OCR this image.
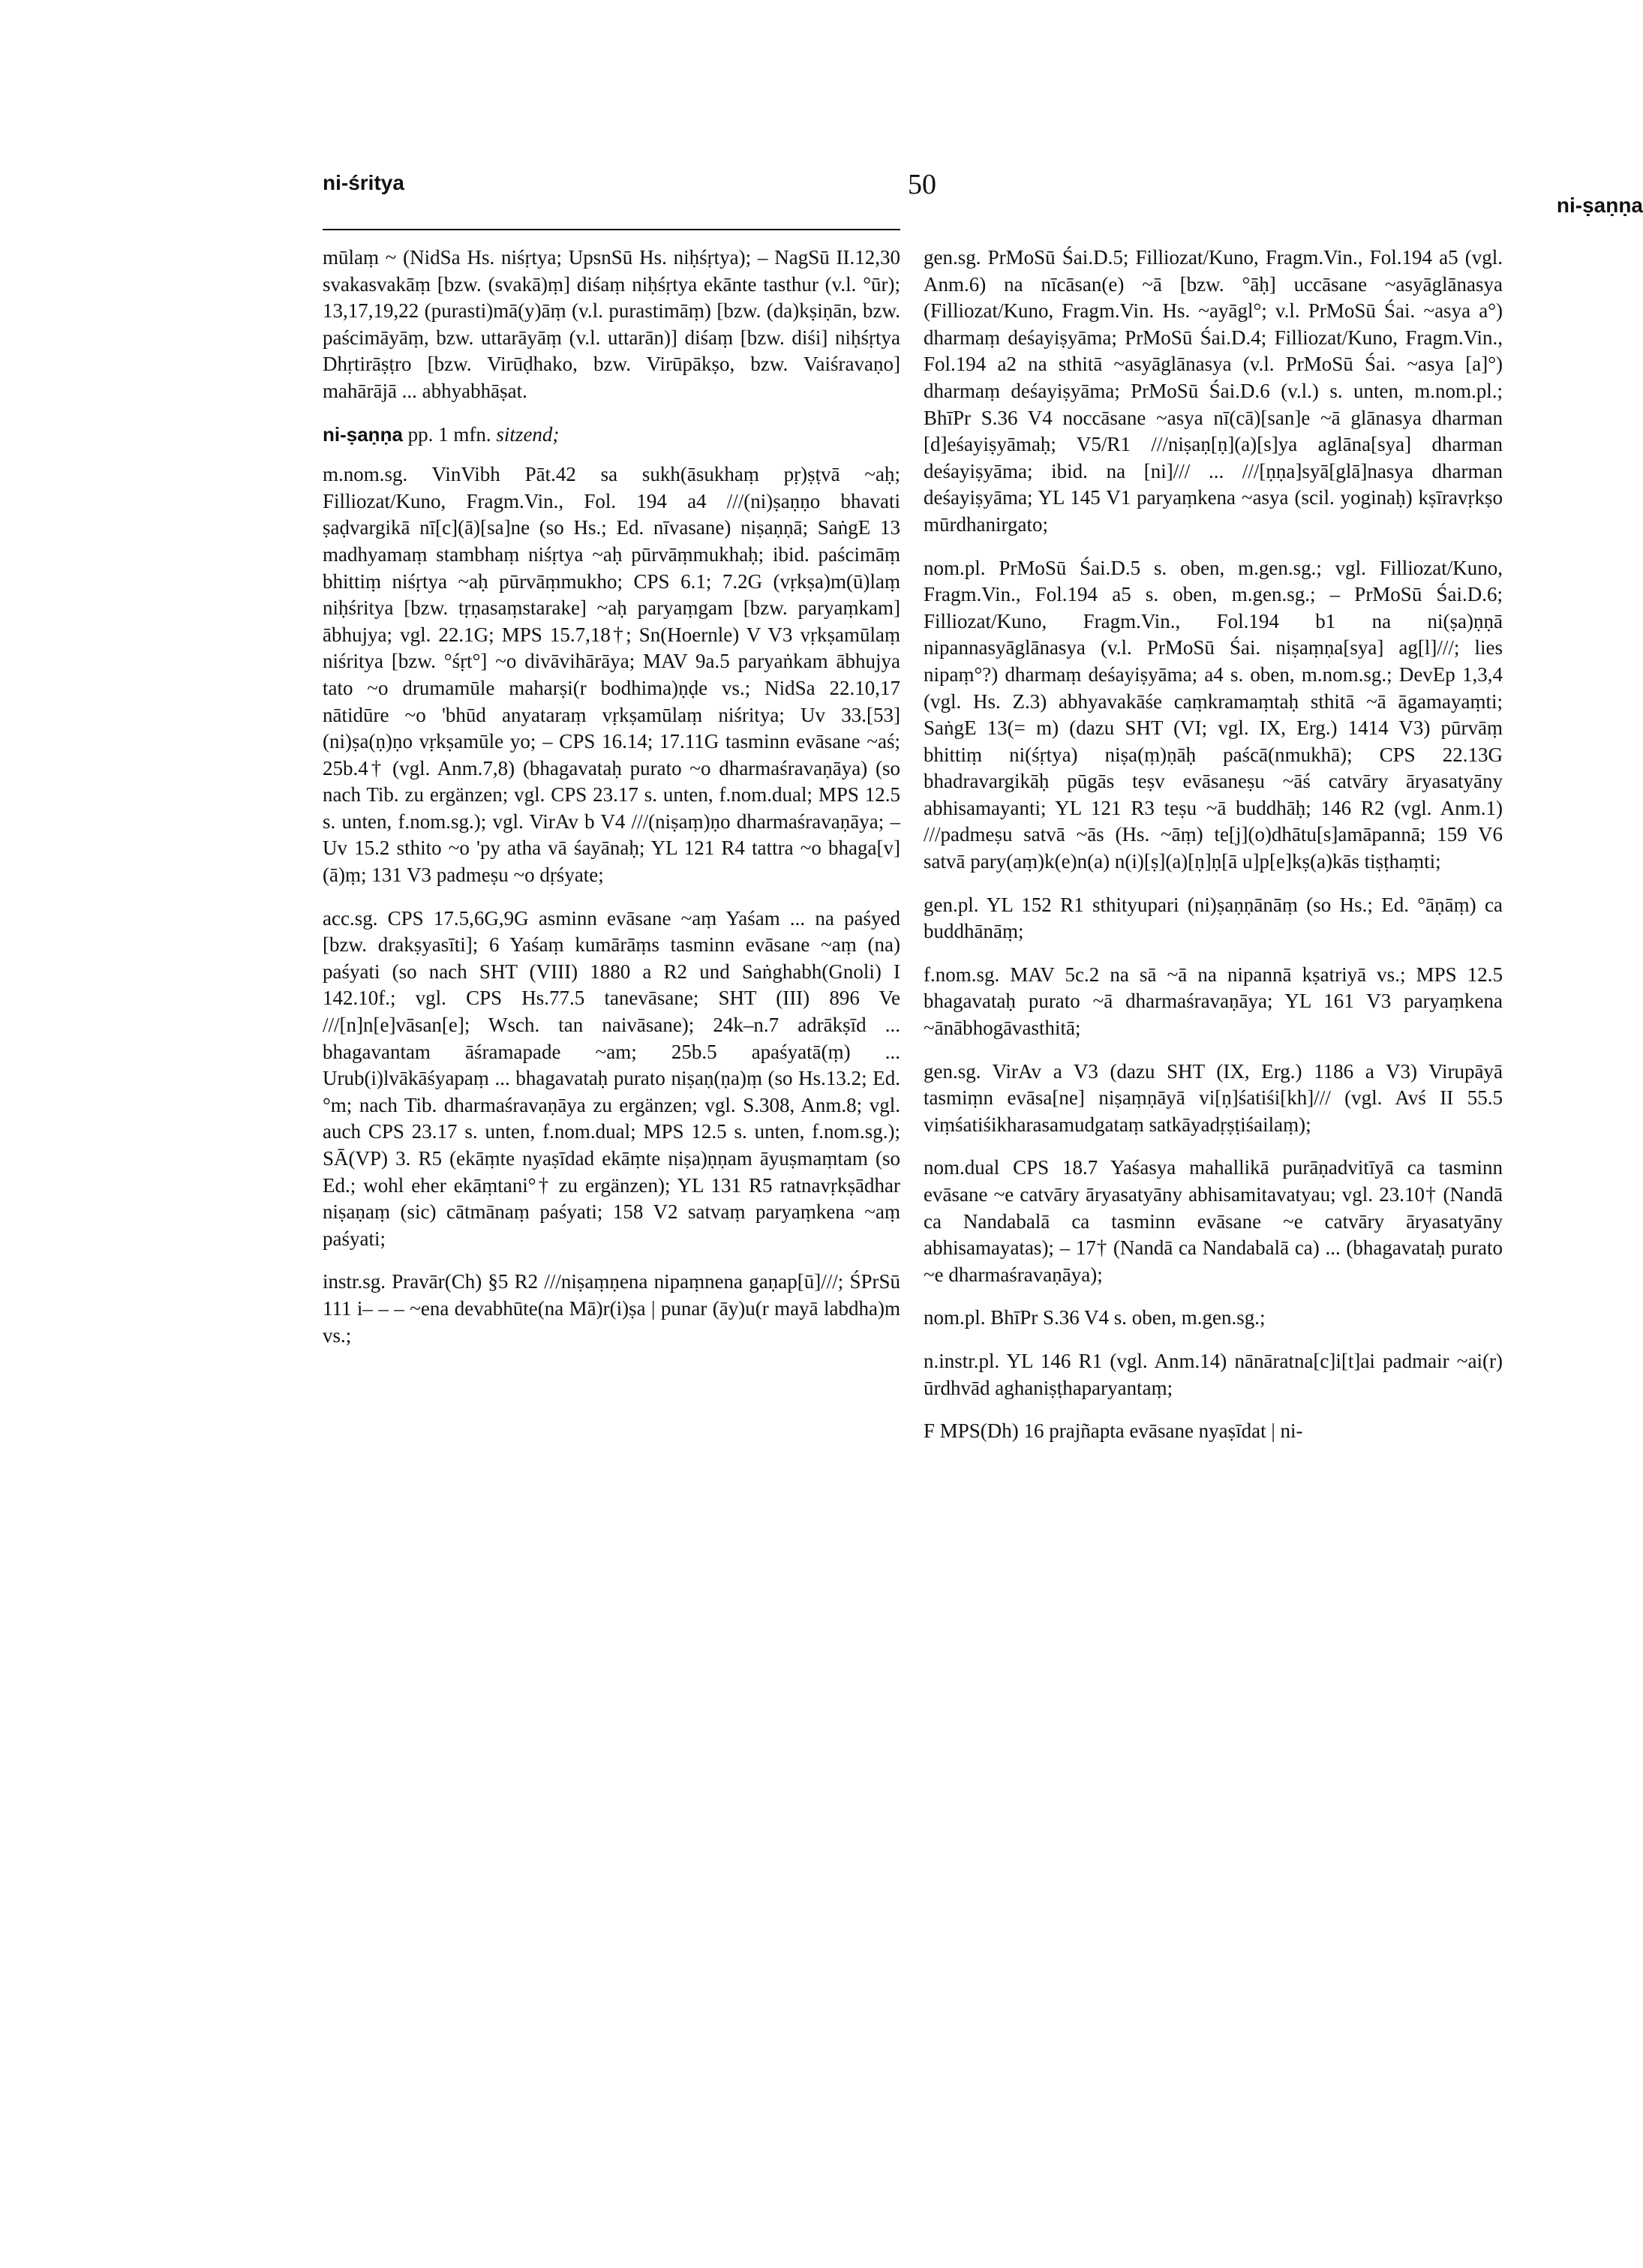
ni-śritya	50
ni-ṣaṇṇa

mūlaṃ ~ (NidSa Hs. niśṛtya; UpsnSū Hs. niḥśṛtya); – NagSū II.12,30 svakasvakāṃ [bzw. (svakā)ṃ] diśaṃ niḥśṛtya ekānte tasthur (v.l. °ūr); 13,17,19,22 (purasti)mā(y)āṃ (v.l. purastimāṃ) [bzw. (da)kṣiṇān, bzw. paścimāyāṃ, bzw. uttarāyāṃ (v.l. uttarān)] diśaṃ [bzw. diśi] niḥśṛtya Dhṛtirāṣṭro [bzw. Virūḍhako, bzw. Virūpākṣo, bzw. Vaiśravaṇo] mahārājā ... abhyabhāṣat.

ni-ṣaṇṇa pp. 1 mfn. sitzend;

m.nom.sg. VinVibh Pāt.42 sa sukh(āsukhaṃ pṛ)ṣṭvā ~aḥ; Filliozat/Kuno, Fragm.Vin., Fol. 194 a4 ///(ni)ṣaṇṇo bhavati ṣaḍvargikā nī[c](ā)[sa]ne (so Hs.; Ed. nīvasane) niṣaṇṇā; SaṅgE 13 madhyamaṃ stambhaṃ niśṛtya ~aḥ pūrvāṃmukhaḥ; ibid. paścimāṃ bhittiṃ niśṛtya ~aḥ pūrvāṃmukho; CPS 6.1; 7.2G (vṛkṣa)m(ū)laṃ niḥśritya [bzw. tṛṇasaṃstarake] ~aḥ paryaṃgam [bzw. paryaṃkam] ābhujya; vgl. 22.1G; MPS 15.7,18†; Sn(Hoernle) V V3 vṛkṣamūlaṃ niśritya [bzw. °śṛt°] ~o divāvihārāya; MAV 9a.5 paryaṅkam ābhujya tato ~o drumamūle maharṣi(r bodhima)ṇḍe vs.; NidSa 22.10,17 nātidūre ~o 'bhūd anyataraṃ vṛkṣamūlaṃ niśritya; Uv 33.[53] (ni)ṣa(ṇ)ṇo vṛkṣamūle yo; – CPS 16.14; 17.11G tasminn evāsane ~aś; 25b.4† (vgl. Anm.7,8) (bhagavataḥ purato ~o dharmaśravaṇāya) (so nach Tib. zu ergänzen; vgl. CPS 23.17 s. unten, f.nom.dual; MPS 12.5 s. unten, f.nom.sg.); vgl. VirAv b V4 ///(niṣaṃ)ṇo dharmaśravaṇāya; – Uv 15.2 sthito ~o 'py atha vā śayānaḥ; YL 121 R4 tattra ~o bhaga[v](ā)ṃ; 131 V3 padmeṣu ~o dṛśyate;

acc.sg. CPS 17.5,6G,9G asminn evāsane ~aṃ Yaśam ... na paśyed [bzw. drakṣyasīti]; 6 Yaśaṃ kumārāṃs tasminn evāsane ~aṃ (na) paśyati (so nach SHT (VIII) 1880 a R2 und Saṅghabh(Gnoli) I 142.10f.; vgl. CPS Hs.77.5 tanevāsane; SHT (III) 896 Ve ///[n]n[e]vāsan[e]; Wsch. tan naivāsane); 24k–n.7 adrākṣīd ... bhagavantam āśramapade ~am; 25b.5 apaśyatā(ṃ) ... Urub(i)lvākāśyapaṃ ... bhagavataḥ purato niṣaṇ(ṇa)ṃ (so Hs.13.2; Ed. °m; nach Tib. dharmaśravaṇāya zu ergänzen; vgl. S.308, Anm.8; vgl. auch CPS 23.17 s. unten, f.nom.dual; MPS 12.5 s. unten, f.nom.sg.); SĀ(VP) 3. R5 (ekāṃte nyaṣīdad ekāṃte niṣa)ṇṇam āyuṣmaṃtam (so Ed.; wohl eher ekāṃtani°† zu ergänzen); YL 131 R5 ratnavṛkṣādhar niṣaṇaṃ (sic) cātmānaṃ paśyati; 158 V2 satvaṃ paryaṃkena ~aṃ paśyati;

instr.sg. Pravār(Ch) §5 R2 ///niṣaṃṇena nipaṃnena gaṇap[ū]///; ŚPrSū 111 i– – – ~ena devabhūte(na Mā)r(i)ṣa | punar (āy)u(r mayā labdha)m vs.;

gen.sg. PrMoSū Śai.D.5; Filliozat/Kuno, Fragm.Vin., Fol.194 a5 (vgl. Anm.6) na nīcāsan(e) ~ā [bzw. °āḥ] uccāsane ~asyāglānasya (Filliozat/Kuno, Fragm.Vin. Hs. ~ayāgl°; v.l. PrMoSū Śai. ~asya a°) dharmaṃ deśayiṣyāma; PrMoSū Śai.D.4; Filliozat/Kuno, Fragm.Vin., Fol.194 a2 na sthitā ~asyāglānasya (v.l. PrMoSū Śai. ~asya [a]°) dharmaṃ deśayiṣyāma; PrMoSū Śai.D.6 (v.l.) s. unten, m.nom.pl.; BhīPr S.36 V4 noccāsane ~asya nī(cā)[san]e ~ā glānasya dharman [d]eśayiṣyāmaḥ; V5/R1 ///niṣaṇ[ṇ](a)[s]ya aglāna[sya] dharman deśayiṣyāma; ibid. na [ni]/// ... ///[ṇṇa]syā[glā]nasya dharman deśayiṣyāma; YL 145 V1 paryaṃkena ~asya (scil. yoginaḥ) kṣīravṛkṣo mūrdhanirgato;

nom.pl. PrMoSū Śai.D.5 s. oben, m.gen.sg.; vgl. Filliozat/Kuno, Fragm.Vin., Fol.194 a5 s. oben, m.gen.sg.; – PrMoSū Śai.D.6; Filliozat/Kuno, Fragm.Vin., Fol.194 b1 na ni(ṣa)ṇṇā nipannasyāglānasya (v.l. PrMoSū Śai. niṣaṃṇa[sya] ag[l]///; lies nipaṃ°?) dharmaṃ deśayiṣyāma; a4 s. oben, m.nom.sg.; DevEp 1,3,4 (vgl. Hs. Z.3) abhyavakāśe caṃkramaṃtaḥ sthitā ~ā āgamayaṃti; SaṅgE 13(= m) (dazu SHT (VI; vgl. IX, Erg.) 1414 V3) pūrvāṃ bhittiṃ ni(śṛtya) niṣa(ṃ)ṇāḥ paścā(nmukhā); CPS 22.13G bhadravargikāḥ pūgās teṣv evāsaneṣu ~āś catvāry āryasatyāny abhisamayanti; YL 121 R3 teṣu ~ā buddhāḥ; 146 R2 (vgl. Anm.1) ///padmeṣu satvā ~ās (Hs. ~āṃ) te[j](o)dhātu[s]amāpannā; 159 V6 satvā pary(aṃ)k(e)n(a) n(i)[ṣ](a)[ṇ]ṇ[ā u]p[e]kṣ(a)kās tiṣṭhaṃti;

gen.pl. YL 152 R1 sthityupari (ni)ṣaṇṇānāṃ (so Hs.; Ed. °āṇāṃ) ca buddhānāṃ;

f.nom.sg. MAV 5c.2 na sā ~ā na nipannā kṣatriyā vs.; MPS 12.5 bhagavataḥ purato ~ā dharmaśravaṇāya; YL 161 V3 paryaṃkena ~ānābhogāvasthitā;

gen.sg. VirAv a V3 (dazu SHT (IX, Erg.) 1186 a V3) Virupāyā tasmiṃn evāsa[ne] niṣaṃṇāyā vi[ṇ]śatiśi[kh]/// (vgl. Avś II 55.5 viṃśatiśikharasamudgataṃ satkāyadṛṣṭiśailaṃ);

nom.dual CPS 18.7 Yaśasya mahallikā purāṇadvitīyā ca tasminn evāsane ~e catvāry āryasatyāny abhisamitavatyau; vgl. 23.10† (Nandā ca Nandabalā ca tasminn evāsane ~e catvāry āryasatyāny abhisamayatas); – 17† (Nandā ca Nandabalā ca) ... (bhagavataḥ purato ~e dharmaśravaṇāya);

nom.pl. BhīPr S.36 V4 s. oben, m.gen.sg.;

n.instr.pl. YL 146 R1 (vgl. Anm.14) nānāratna[c]i[t]ai padmair ~ai(r) ūrdhvād aghaniṣṭhaparyantaṃ;

F MPS(Dh) 16 prajñapta evāsane nyaṣīdat | ni-
